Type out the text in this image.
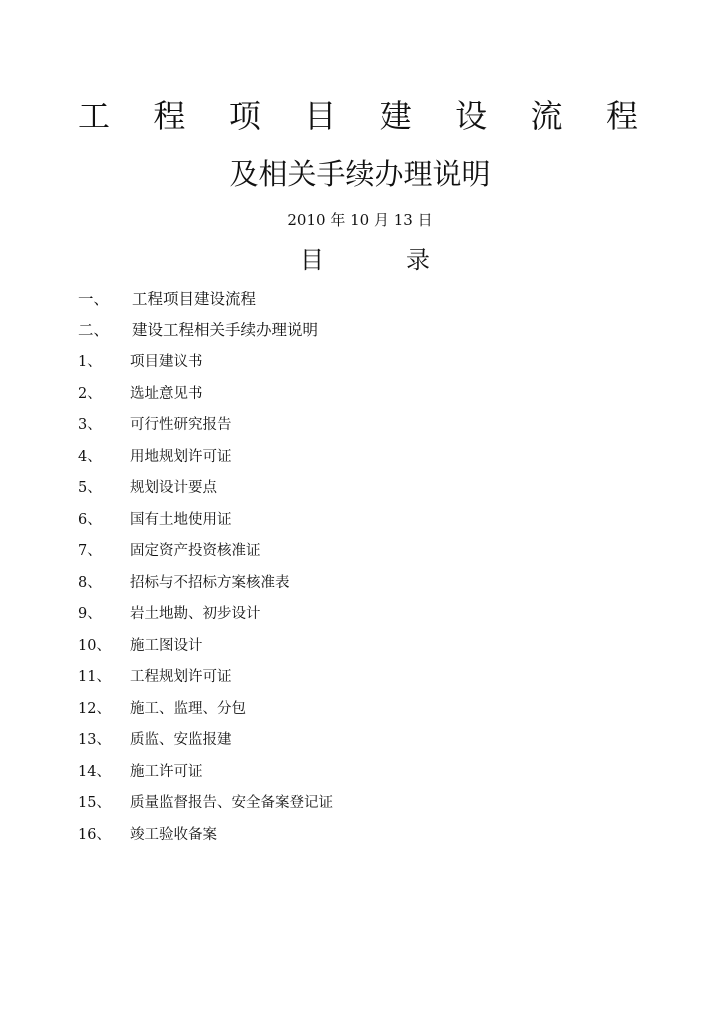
工 程 项 目 建 设 流 程
及相关手续办理说明
2010 年 10 月 13 日
目	录
一、	工程项目建设流程
二、	建设工程相关手续办理说明
1、	项目建议书
2、	选址意见书
3、	可行性研究报告
4、	用地规划许可证
5、	规划设计要点
6、	国有土地使用证
7、	固定资产投资核准证
8、	招标与不招标方案核准表
9、	岩土地勘、初步设计
10、	施工图设计
11、	工程规划许可证
12、	施工、监理、分包
13、	质监、安监报建
14、	施工许可证
15、	质量监督报告、安全备案登记证
16、	竣工验收备案
